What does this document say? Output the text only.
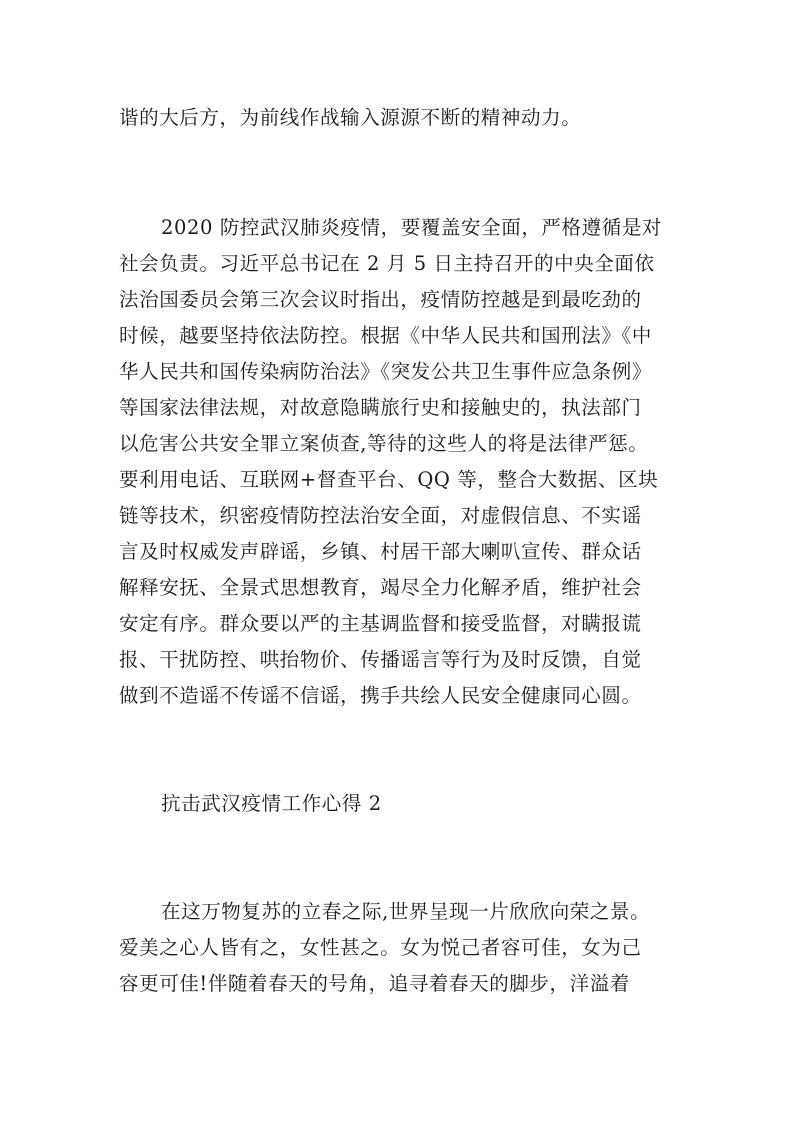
谐的大后方，为前线作战输入源源不断的精神动力。
2020 防控武汉肺炎疫情，要覆盖安全面，严格遵循是对
社会负责。习近平总书记在 2 月 5 日主持召开的中央全面依
法治国委员会第三次会议时指出，疫情防控越是到最吃劲的
时候，越要坚持依法防控。根据《中华人民共和国刑法》《中
华人民共和国传染病防治法》《突发公共卫生事件应急条例》
等国家法律法规，对故意隐瞒旅行史和接触史的，执法部门
以危害公共安全罪立案侦查,等待的这些人的将是法律严惩。
要利用电话、互联网+督查平台、QQ 等，整合大数据、区块
链等技术，织密疫情防控法治安全面，对虚假信息、不实谣
言及时权威发声辟谣，乡镇、村居干部大喇叭宣传、群众话
解释安抚、全景式思想教育，竭尽全力化解矛盾，维护社会
安定有序。群众要以严的主基调监督和接受监督，对瞒报谎
报、干扰防控、哄抬物价、传播谣言等行为及时反馈，自觉
做到不造谣不传谣不信谣，携手共绘人民安全健康同心圆。
抗击武汉疫情工作心得 2
在这万物复苏的立春之际,世界呈现一片欣欣向荣之景。
爱美之心人皆有之，女性甚之。女为悦己者容可佳，女为己
容更可佳!伴随着春天的号角，追寻着春天的脚步，洋溢着
